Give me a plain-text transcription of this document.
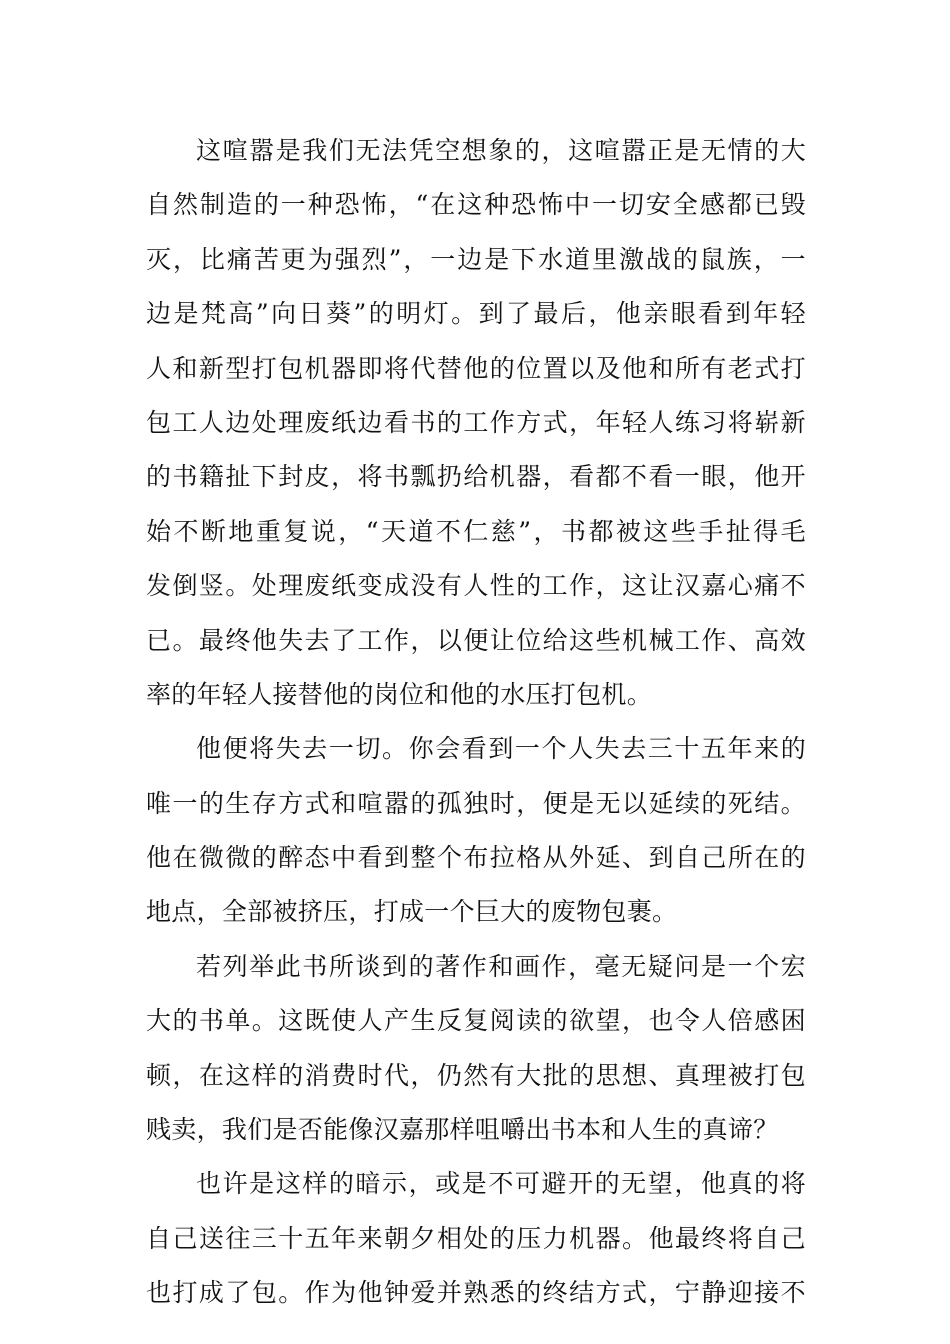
这喧嚣是我们无法凭空想象的，这喧嚣正是无情的大
自然制造的一种恐怖，“在这种恐怖中一切安全感都已毁
灭，比痛苦更为强烈”，一边是下水道里激战的鼠族，一
边是梵高”向日葵”的明灯。到了最后，他亲眼看到年轻
人和新型打包机器即将代替他的位置以及他和所有老式打
包工人边处理废纸边看书的工作方式，年轻人练习将崭新
的书籍扯下封皮，将书瓢扔给机器，看都不看一眼，他开
始不断地重复说，“天道不仁慈”，书都被这些手扯得毛
发倒竖。处理废纸变成没有人性的工作，这让汉嘉心痛不
已。最终他失去了工作，以便让位给这些机械工作、高效
率的年轻人接替他的岗位和他的水压打包机。
他便将失去一切。你会看到一个人失去三十五年来的
唯一的生存方式和喧嚣的孤独时，便是无以延续的死结。
他在微微的醉态中看到整个布拉格从外延、到自己所在的
地点，全部被挤压，打成一个巨大的废物包裹。
若列举此书所谈到的著作和画作，毫无疑问是一个宏
大的书单。这既使人产生反复阅读的欲望，也令人倍感困
顿，在这样的消费时代，仍然有大批的思想、真理被打包
贱卖，我们是否能像汉嘉那样咀嚼出书本和人生的真谛？
也许是这样的暗示，或是不可避开的无望，他真的将
自己送往三十五年来朝夕相处的压力机器。他最终将自己
也打成了包。作为他钟爱并熟悉的终结方式，宁静迎接不
